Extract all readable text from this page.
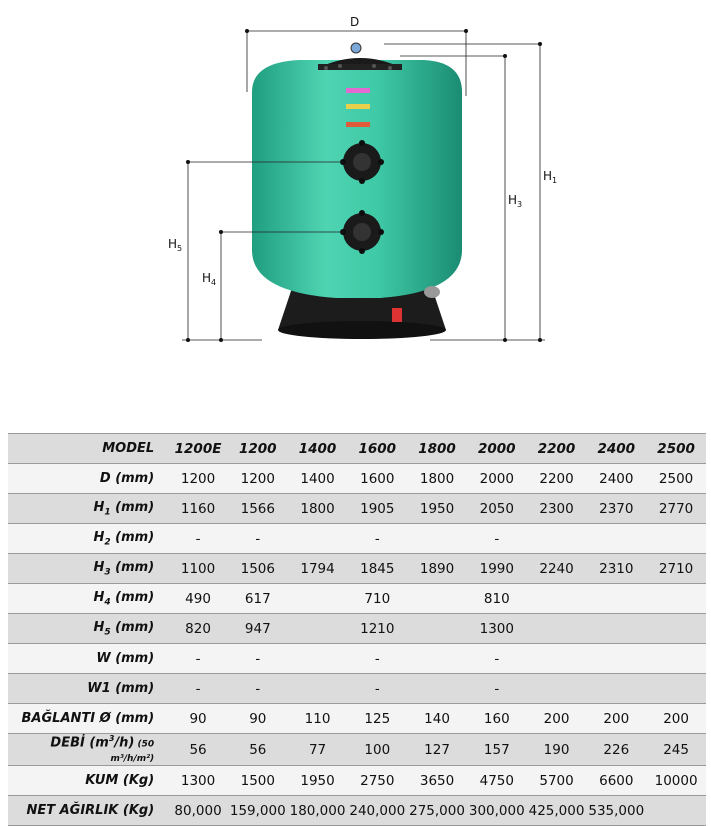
D
$H_1$
$H_3$
$H_5$
$H_4$
MODEL	1200E	1200	1400	1600	1800	2000	2200	2400	2500
D (mm)	1200	1200	1400	1600	1800	2000	2200	2400	2500
$H_1$ (mm)	1160	1566	1800	1905	1950	2050	2300	2370	2770
$H_2$ (mm)	-	-		-		-			
$H_3$ (mm)	1100	1506	1794	1845	1890	1990	2240	2310	2710
$H_4$ (mm)	490	617		710		810			
$H_5$ (mm)	820	947		1210		1300			
W (mm)	-	-		-		-			
W1 (mm)	-	-		-		-			
BAĞLANTI Ø (mm)	90	90	110	125	140	160	200	200	200
DEBİ $(m^3/h)$ (50 m³/h/m²)	56	56	77	100	127	157	190	226	245
KUM (Kg)	1300	1500	1950	2750	3650	4750	5700	6600	10000
NET AĞIRLIK (Kg)	80,000	159,000	180,000	240,000	275,000	300,000	425,000	535,000	
